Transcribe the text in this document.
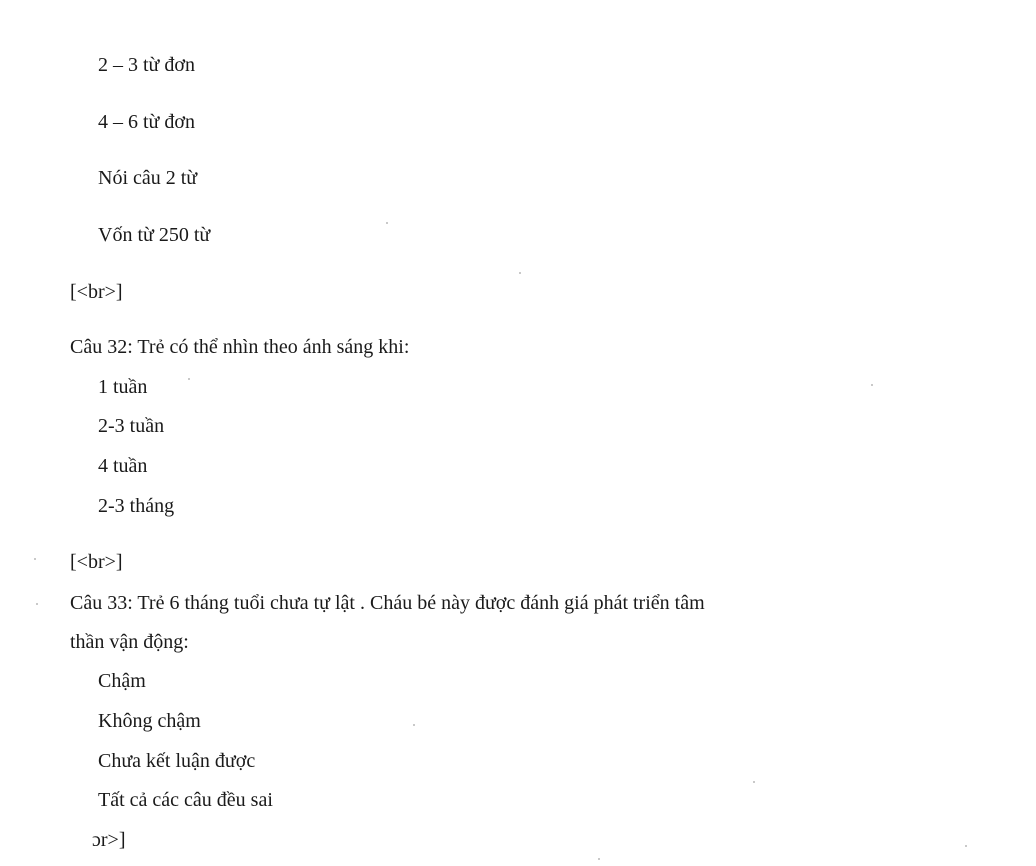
2 – 3 từ đơn
4 – 6 từ đơn
Nói câu 2 từ
Vốn từ 250 từ
[<br>]
Câu 32: Trẻ có thể nhìn theo ánh sáng khi:
1 tuần
2-3 tuần
4 tuần
2-3 tháng
[<br>]
Câu 33: Trẻ 6 tháng tuổi chưa tự lật . Cháu bé này được đánh giá phát triển tâm
thần vận động:
Chậm
Không chậm
Chưa kết luận được
Tất cả các câu đều sai
ɔr>]
